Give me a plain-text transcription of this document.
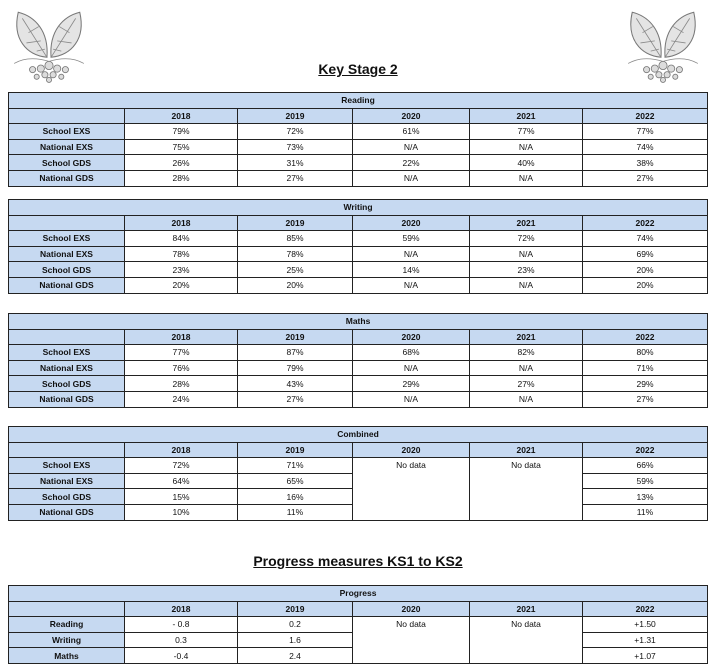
Key Stage 2
Reading					
	2018	2019	2020	2021	2022
School EXS	79%	72%	61%	77%	77%
National EXS	75%	73%	N/A	N/A	74%
School GDS	26%	31%	22%	40%	38%
National GDS	28%	27%	N/A	N/A	27%
Writing					
	2018	2019	2020	2021	2022
School EXS	84%	85%	59%	72%	74%
National EXS	78%	78%	N/A	N/A	69%
School GDS	23%	25%	14%	23%	20%
National GDS	20%	20%	N/A	N/A	20%
Maths					
	2018	2019	2020	2021	2022
School EXS	77%	87%	68%	82%	80%
National EXS	76%	79%	N/A	N/A	71%
School GDS	28%	43%	29%	27%	29%
National GDS	24%	27%	N/A	N/A	27%
Combined					
	2018	2019	2020	2021	2022
School EXS	72%	71%	No data	No data	66%
National EXS	64%	65%			59%
School GDS	15%	16%			13%
National GDS	10%	11%			11%
Progress					
	2018	2019	2020	2021	2022
Reading	- 0.8	0.2	No data	No data	+1.50
Writing	0.3	1.6			+1.31
Maths	-0.4	2.4			+1.07
Progress measures KS1 to KS2
